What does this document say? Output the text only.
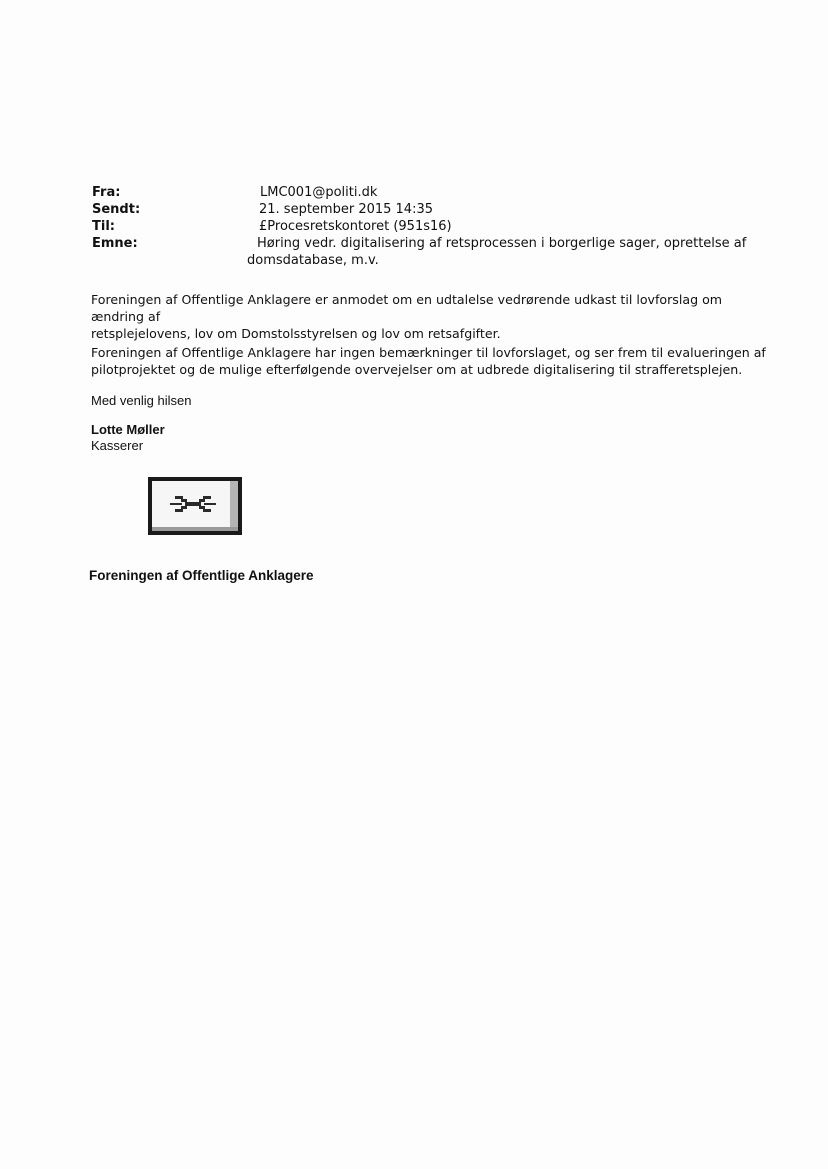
Fra:	LMC001@politi.dk
Sendt:	21. september 2015 14:35
Til:	£Procesretskontoret (951s16)
Emne:	Høring vedr. digitalisering af retsprocessen i borgerlige sager, oprettelse af
domsdatabase, m.v.
Foreningen af Offentlige Anklagere er anmodet om en udtalelse vedrørende udkast til lovforslag om ændring af
retsplejelovens, lov om Domstolsstyrelsen og lov om retsafgifter.
Foreningen af Offentlige Anklagere har ingen bemærkninger til lovforslaget, og ser frem til evalueringen af
pilotprojektet og de mulige efterfølgende overvejelser om at udbrede digitalisering til strafferetsplejen.
Med venlig hilsen
Lotte Møller
Kasserer
Foreningen af Offentlige Anklagere
